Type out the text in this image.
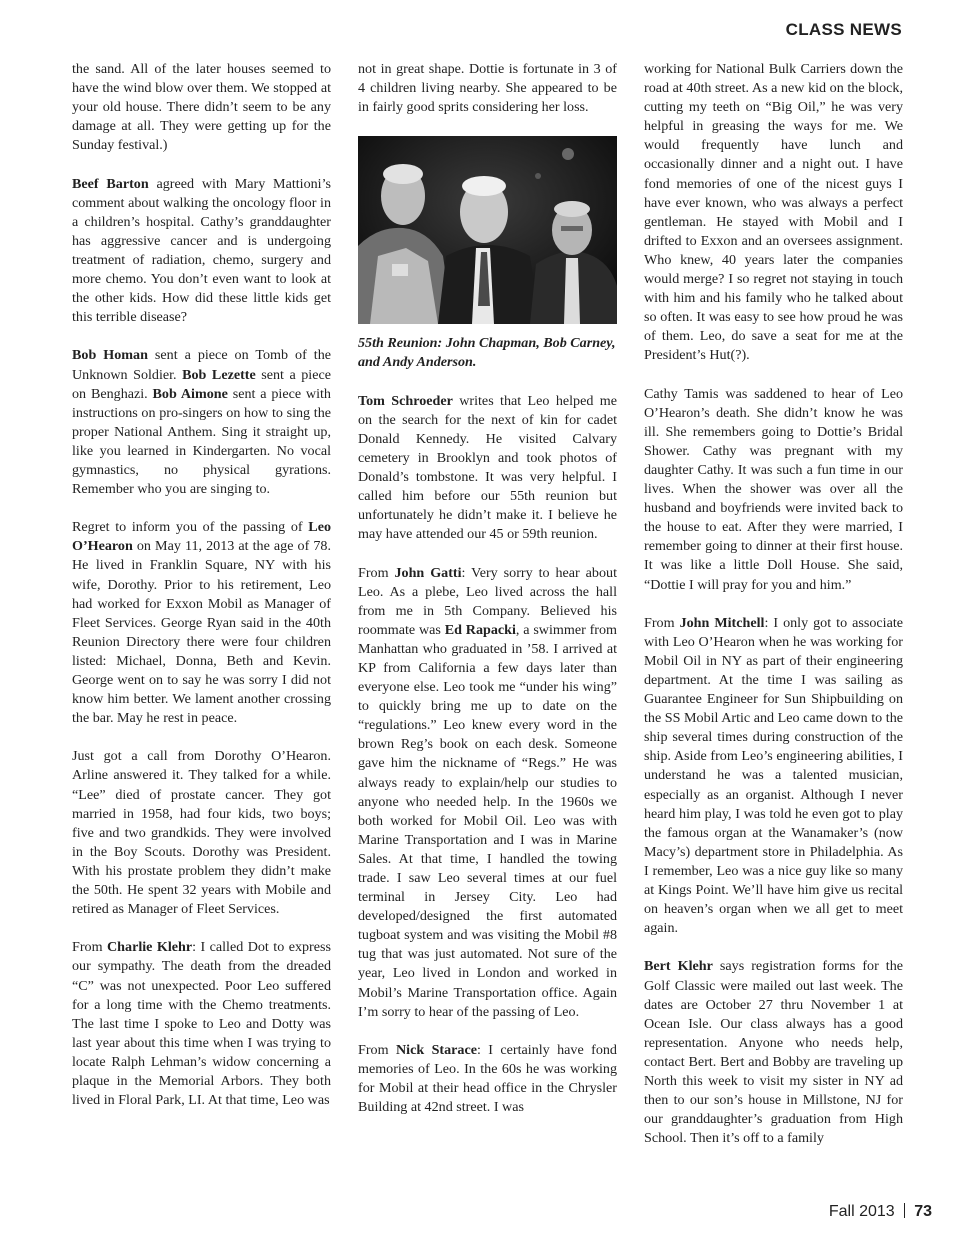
CLASS NEWS

the sand. All of the later houses seemed to have the wind blow over them. We stopped at your old house. There didn’t seem to be any damage at all. They were getting up for the Sunday festival.)

Beef Barton agreed with Mary Mattioni’s comment about walking the oncology floor in a children’s hospital. Cathy’s granddaughter has aggressive cancer and is undergoing treatment of radiation, chemo, surgery and more chemo. You don’t even want to look at the other kids. How did these little kids get this terrible disease?

Bob Homan sent a piece on Tomb of the Unknown Soldier. Bob Lezette sent a piece on Benghazi. Bob Aimone sent a piece with instructions on pro-singers on how to sing the proper National Anthem. Sing it straight up, like you learned in Kindergarten. No vocal gymnastics, no physical gyrations. Remember who you are singing to.

Regret to inform you of the passing of Leo O’Hearon on May 11, 2013 at the age of 78. He lived in Franklin Square, NY with his wife, Dorothy. Prior to his retirement, Leo had worked for Exxon Mobil as Manager of Fleet Services. George Ryan said in the 40th Reunion Directory there were four children listed: Michael, Donna, Beth and Kevin. George went on to say he was sorry I did not know him better. We lament another crossing the bar. May he rest in peace.

Just got a call from Dorothy O’Hearon. Arline answered it. They talked for a while. “Lee” died of prostate cancer. They got married in 1958, had four kids, two boys; five and two grandkids. They were involved in the Boy Scouts. Dorothy was President. With his prostate problem they didn’t make the 50th. He spent 32 years with Mobile and retired as Manager of Fleet Services.

From Charlie Klehr: I called Dot to express our sympathy. The death from the dreaded “C” was not unexpected. Poor Leo suffered for a long time with the Chemo treatments. The last time I spoke to Leo and Dotty was last year about this time when I was trying to locate Ralph Lehman’s widow concerning a plaque in the Memorial Arbors. They both lived in Floral Park, LI. At that time, Leo was

not in great shape. Dottie is fortunate in 3 of 4 children living nearby. She appeared to be in fairly good sprits considering her loss.

55th Reunion: John Chapman, Bob Carney, and Andy Anderson.

Tom Schroeder writes that Leo helped me on the search for the next of kin for cadet Donald Kennedy. He visited Calvary cemetery in Brooklyn and took photos of Donald’s tombstone. It was very helpful. I called him before our 55th reunion but unfortunately he didn’t make it. I believe he may have attended our 45 or 59th reunion.

From John Gatti: Very sorry to hear about Leo. As a plebe, Leo lived across the hall from me in 5th Company. Believed his roommate was Ed Rapacki, a swimmer from Manhattan who graduated in ’58. I arrived at KP from California a few days later than everyone else. Leo took me “under his wing” to quickly bring me up to date on the “regulations.” Leo knew every word in the brown Reg’s book on each desk. Someone gave him the nickname of “Regs.” He was always ready to explain/help our studies to anyone who needed help. In the 1960s we both worked for Mobil Oil. Leo was with Marine Transportation and I was in Marine Sales. At that time, I handled the towing trade. I saw Leo several times at our fuel terminal in Jersey City. Leo had developed/designed the first automated tugboat system and was visiting the Mobil #8 tug that was just automated. Not sure of the year, Leo lived in London and worked in Mobil’s Marine Transportation office. Again I’m sorry to hear of the passing of Leo.

From Nick Starace: I certainly have fond memories of Leo. In the 60s he was working for Mobil at their head office in the Chrysler Building at 42nd street. I was

working for National Bulk Carriers down the road at 40th street. As a new kid on the block, cutting my teeth on “Big Oil,” he was very helpful in greasing the ways for me. We would frequently have lunch and occasionally dinner and a night out. I have fond memories of one of the nicest guys I have ever known, who was always a perfect gentleman. He stayed with Mobil and I drifted to Exxon and an oversees assignment. Who knew, 40 years later the companies would merge? I so regret not staying in touch with him and his family who he talked about so often. It was easy to see how proud he was of them. Leo, do save a seat for me at the President’s Hut(?).

Cathy Tamis was saddened to hear of Leo O’Hearon’s death. She didn’t know he was ill. She remembers going to Dottie’s Bridal Shower. Cathy was pregnant with my daughter Cathy. It was such a fun time in our lives. When the shower was over all the husband and boyfriends were invited back to the house to eat. After they were married, I remember going to dinner at their first house. It was like a little Doll House. She said, “Dottie I will pray for you and him.”

From John Mitchell: I only got to associate with Leo O’Hearon when he was working for Mobil Oil in NY as part of their engineering department. At the time I was sailing as Guarantee Engineer for Sun Shipbuilding on the SS Mobil Artic and Leo came down to the ship several times during construction of the ship. Aside from Leo’s engineering abilities, I understand he was a talented musician, especially as an organist. Although I never heard him play, I was told he even got to play the famous organ at the Wanamaker’s (now Macy’s) department store in Philadelphia. As I remember, Leo was a nice guy like so many at Kings Point. We’ll have him give us recital on heaven’s organ when we all get to meet again.

Bert Klehr says registration forms for the Golf Classic were mailed out last week. The dates are October 27 thru November 1 at Ocean Isle. Our class always has a good representation. Anyone who needs help, contact Bert. Bert and Bobby are traveling up North this week to visit my sister in NY ad then to our son’s house in Millstone, NJ for our granddaughter’s graduation from High School. Then it’s off to a family

Fall 2013 73
